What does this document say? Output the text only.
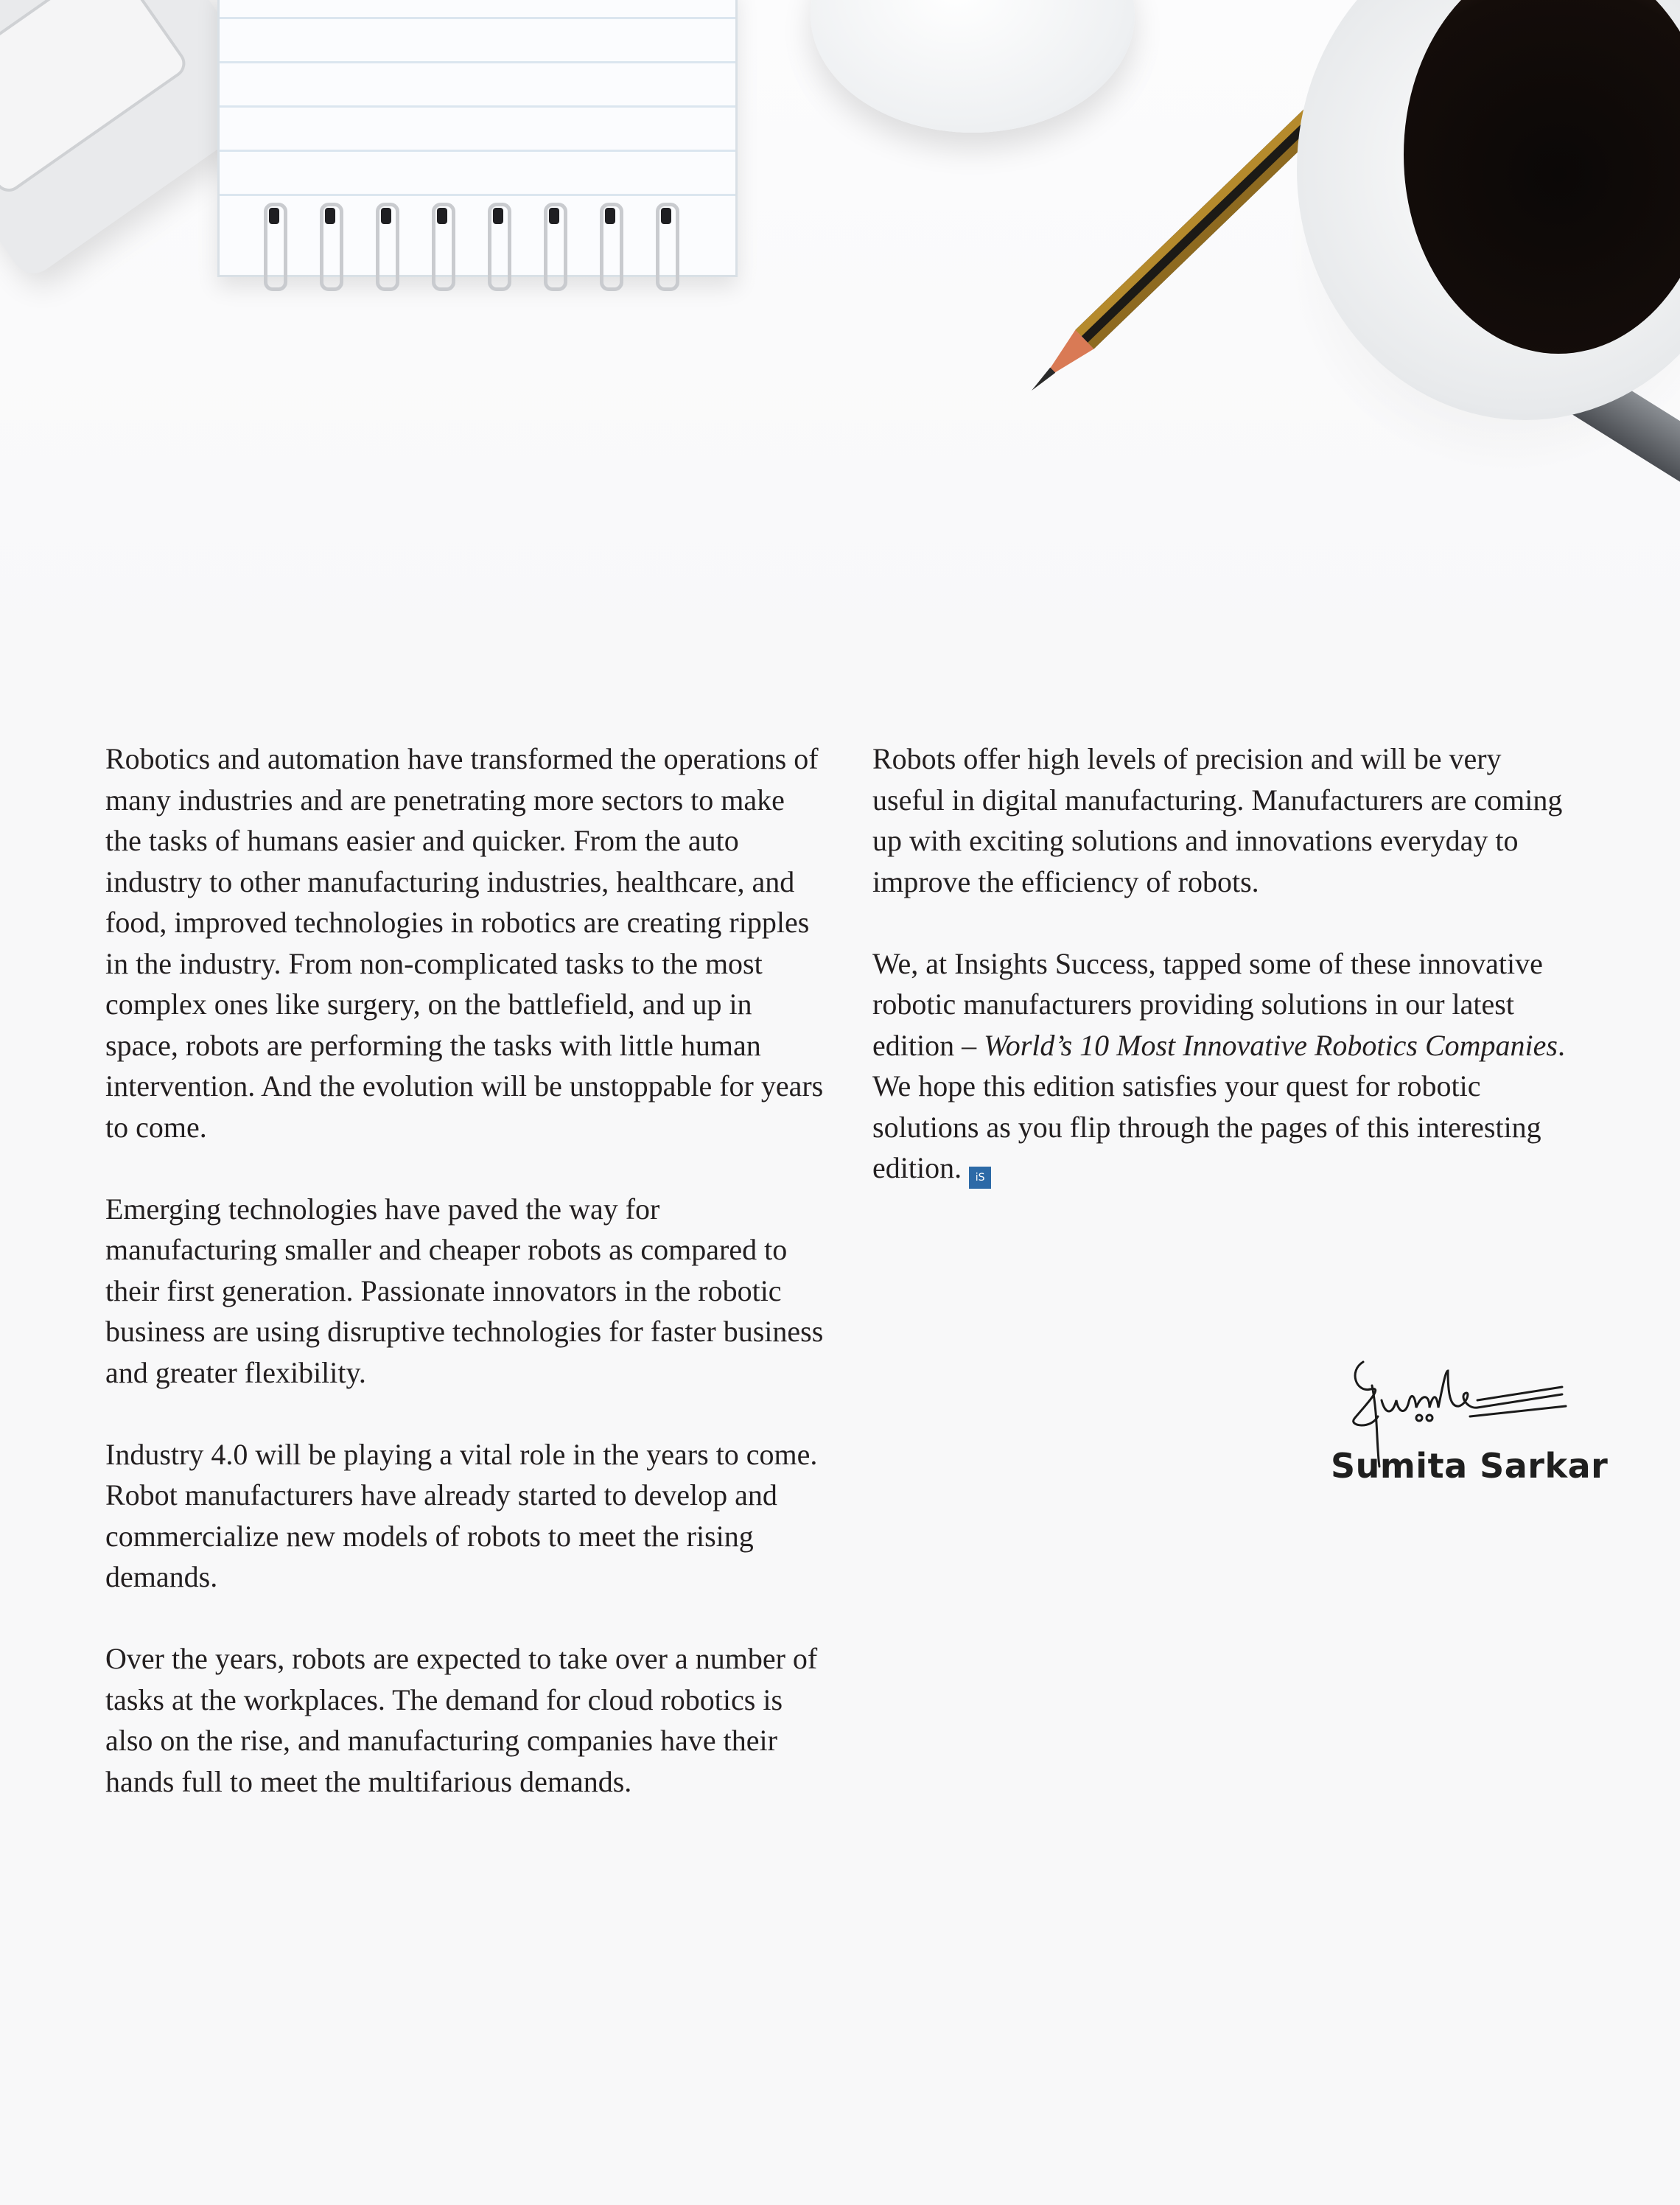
Robotics and automation have transformed the operations of many industries and are penetrating more sectors to make the tasks of humans easier and quicker. From the auto industry to other manufacturing industries, healthcare, and food, improved technologies in robotics are creating ripples in the industry. From non-complicated tasks to the most complex ones like surgery, on the battlefield, and up in space, robots are performing the tasks with little human intervention. And the evolution will be unstoppable for years to come.

Emerging technologies have paved the way for manufacturing smaller and cheaper robots as compared to their first generation. Passionate innovators in the robotic business are using disruptive technologies for faster business and greater flexibility.

Industry 4.0 will be playing a vital role in the years to come. Robot manufacturers have already started to develop and commercialize new models of robots to meet the rising demands.

Over the years, robots are expected to take over a number of tasks at the workplaces. The demand for cloud robotics is also on the rise, and manufacturing companies have their hands full to meet the multifarious demands.

Robots offer high levels of precision and will be very useful in digital manufacturing. Manufacturers are coming up with exciting solutions and innovations everyday to improve the efficiency of robots.

We, at Insights Success, tapped some of these innovative robotic manufacturers providing solutions in our latest edition – World’s 10 Most Innovative Robotics Companies. We hope this edition satisfies your quest for robotic solutions as you flip through the pages of this interesting edition. iS

Sumita Sarkar
